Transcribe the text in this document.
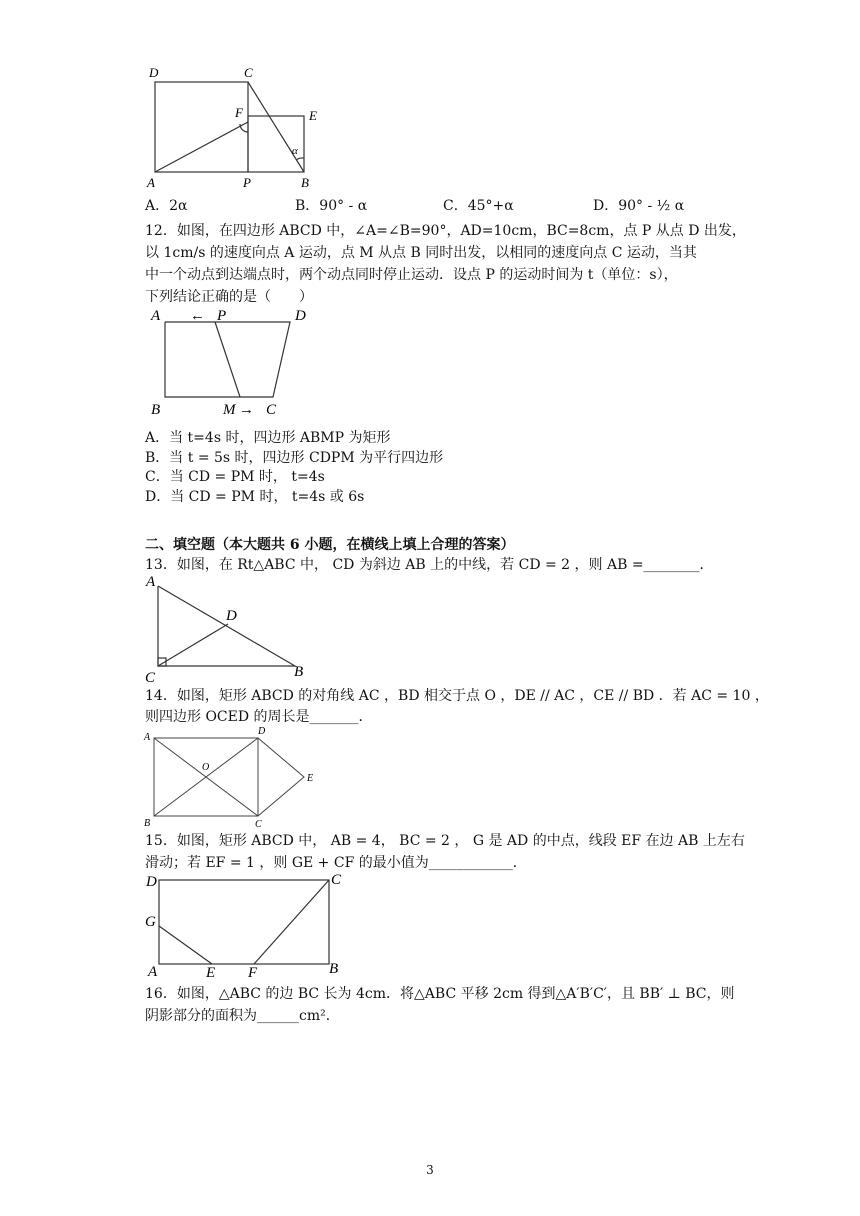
D	C
F	E
α
A	P	B
A．2α	B．90° - α	C．45°+α	D．90° - ½ α
12．如图，在四边形 ABCD 中，∠A=∠B=90°，AD=10cm，BC=8cm，点 P 从点 D 出发，
以 1cm/s 的速度向点 A 运动，点 M 从点 B 同时出发，以相同的速度向点 C 运动，当其
中一个动点到达端点时，两个动点同时停止运动．设点 P 的运动时间为 t（单位：s），
下列结论正确的是（　　）
A ← P	D
B	M → C
A．当 t=4s 时，四边形 ABMP 为矩形
B．当 t = 5s 时，四边形 CDPM 为平行四边形
C．当 CD = PM 时， t=4s
D．当 CD = PM 时， t=4s 或 6s
二、填空题（本大题共 6 小题，在横线上填上合理的答案）
13．如图，在 Rt△ABC 中， CD 为斜边 AB 上的中线，若 CD = 2 ，则 AB =________．
A
D
C	B
14．如图，矩形 ABCD 的对角线 AC ，BD 相交于点 O ，DE // AC ，CE // BD ．若 AC = 10 ，
则四边形 OCED 的周长是_______．
A
D
O
E
B	C
15．如图，矩形 ABCD 中， AB = 4， BC = 2 ， G 是 AD 的中点，线段 EF 在边 AB 上左右
滑动；若 EF = 1 ，则 GE + CF 的最小值为____________．
D	C
G
A	E F	B
16．如图，△ABC 的边 BC 长为 4cm．将△ABC 平移 2cm 得到△A′B′C′，且 BB′ ⊥ BC，则
阴影部分的面积为______cm²．
3
